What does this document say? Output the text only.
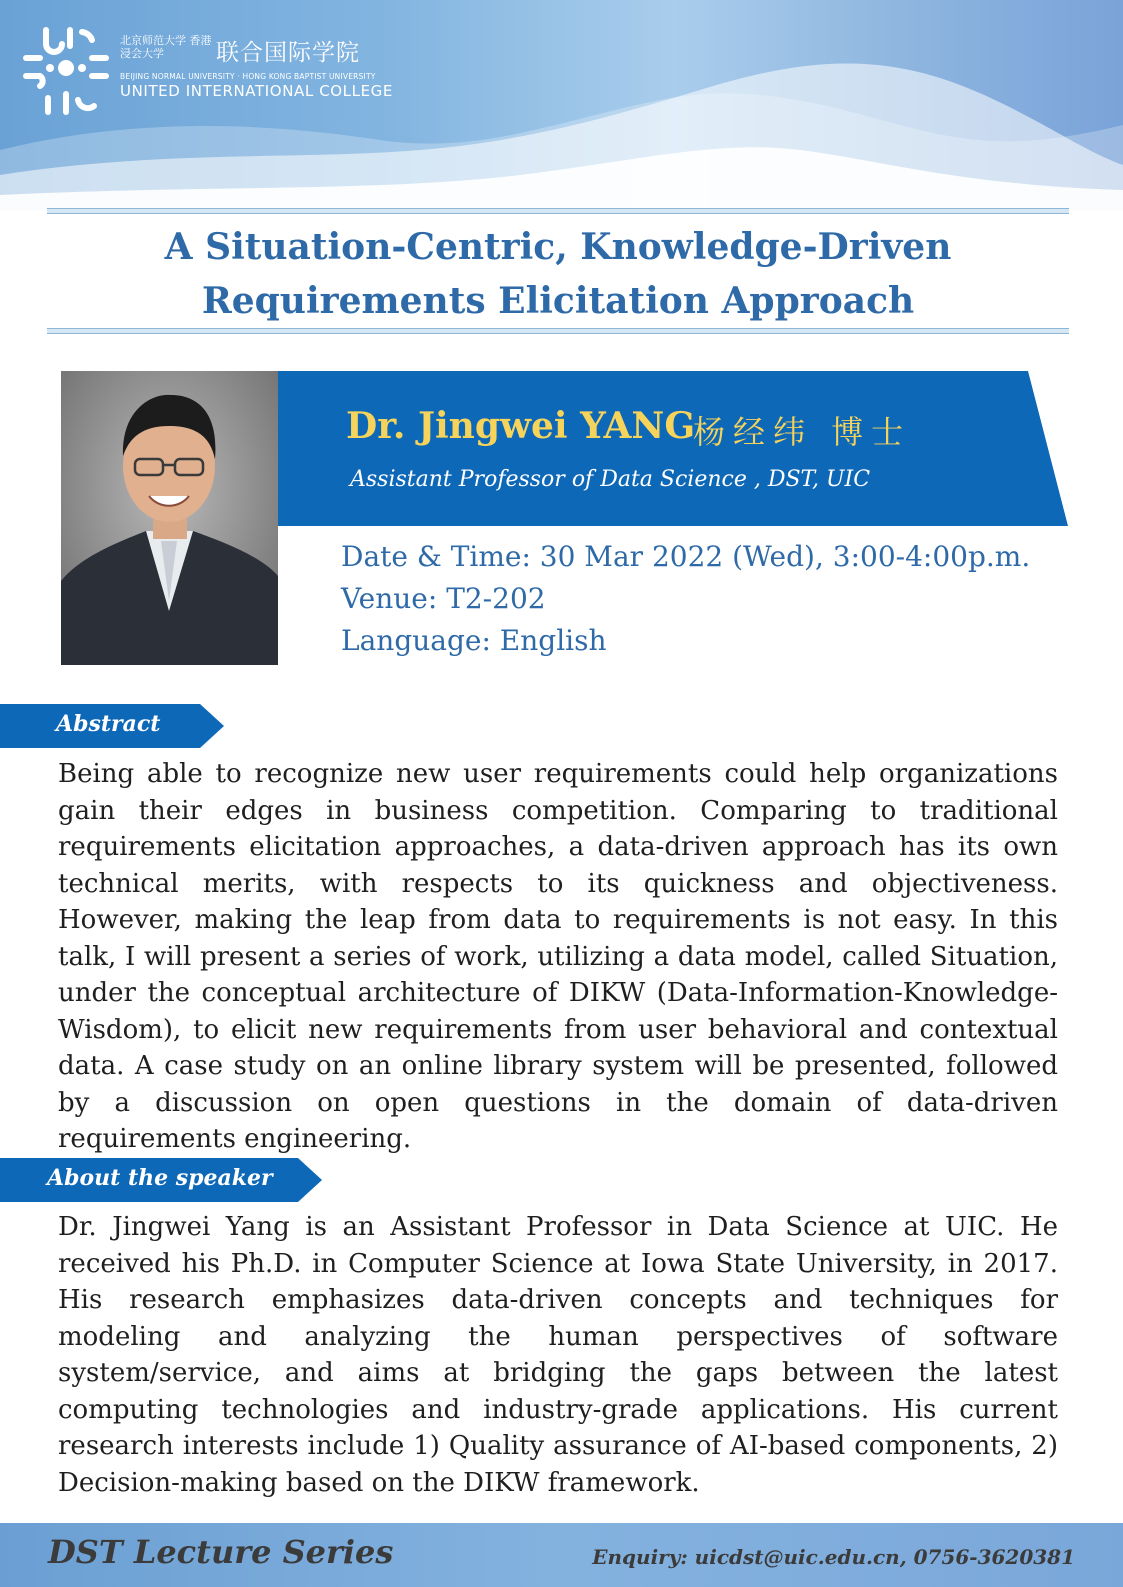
北京师范大学 香港浸会大学	联合国际学院
BEIJING NORMAL UNIVERSITY · HONG KONG BAPTIST UNIVERSITY
UNITED INTERNATIONAL COLLEGE
A Situation-Centric, Knowledge-Driven
Requirements Elicitation Approach
Dr. Jingwei YANG
杨经纬 博士
Assistant Professor of Data Science , DST, UIC
Date & Time: 30 Mar 2022 (Wed), 3:00-4:00p.m.
Venue: T2-202
Language: English
Abstract
Being able to recognize new user requirements could help organizations gain their edges in business competition. Comparing to traditional requirements elicitation approaches, a data-driven approach has its own technical merits, with respects to its quickness and objectiveness. However, making the leap from data to requirements is not easy. In this talk, I will present a series of work, utilizing a data model, called Situation, under the conceptual architecture of DIKW (Data-Information-Knowledge-Wisdom), to elicit new requirements from user behavioral and contextual data. A case study on an online library system will be presented, followed by a discussion on open questions in the domain of data-driven requirements engineering.
About the speaker
Dr. Jingwei Yang is an Assistant Professor in Data Science at UIC. He received his Ph.D. in Computer Science at Iowa State University, in 2017. His research emphasizes data-driven concepts and techniques for modeling and analyzing the human perspectives of software system/service, and aims at bridging the gaps between the latest computing technologies and industry-grade applications. His current research interests include 1) Quality assurance of AI-based components, 2) Decision-making based on the DIKW framework.
DST Lecture Series	Enquiry: uicdst@uic.edu.cn, 0756-3620381
